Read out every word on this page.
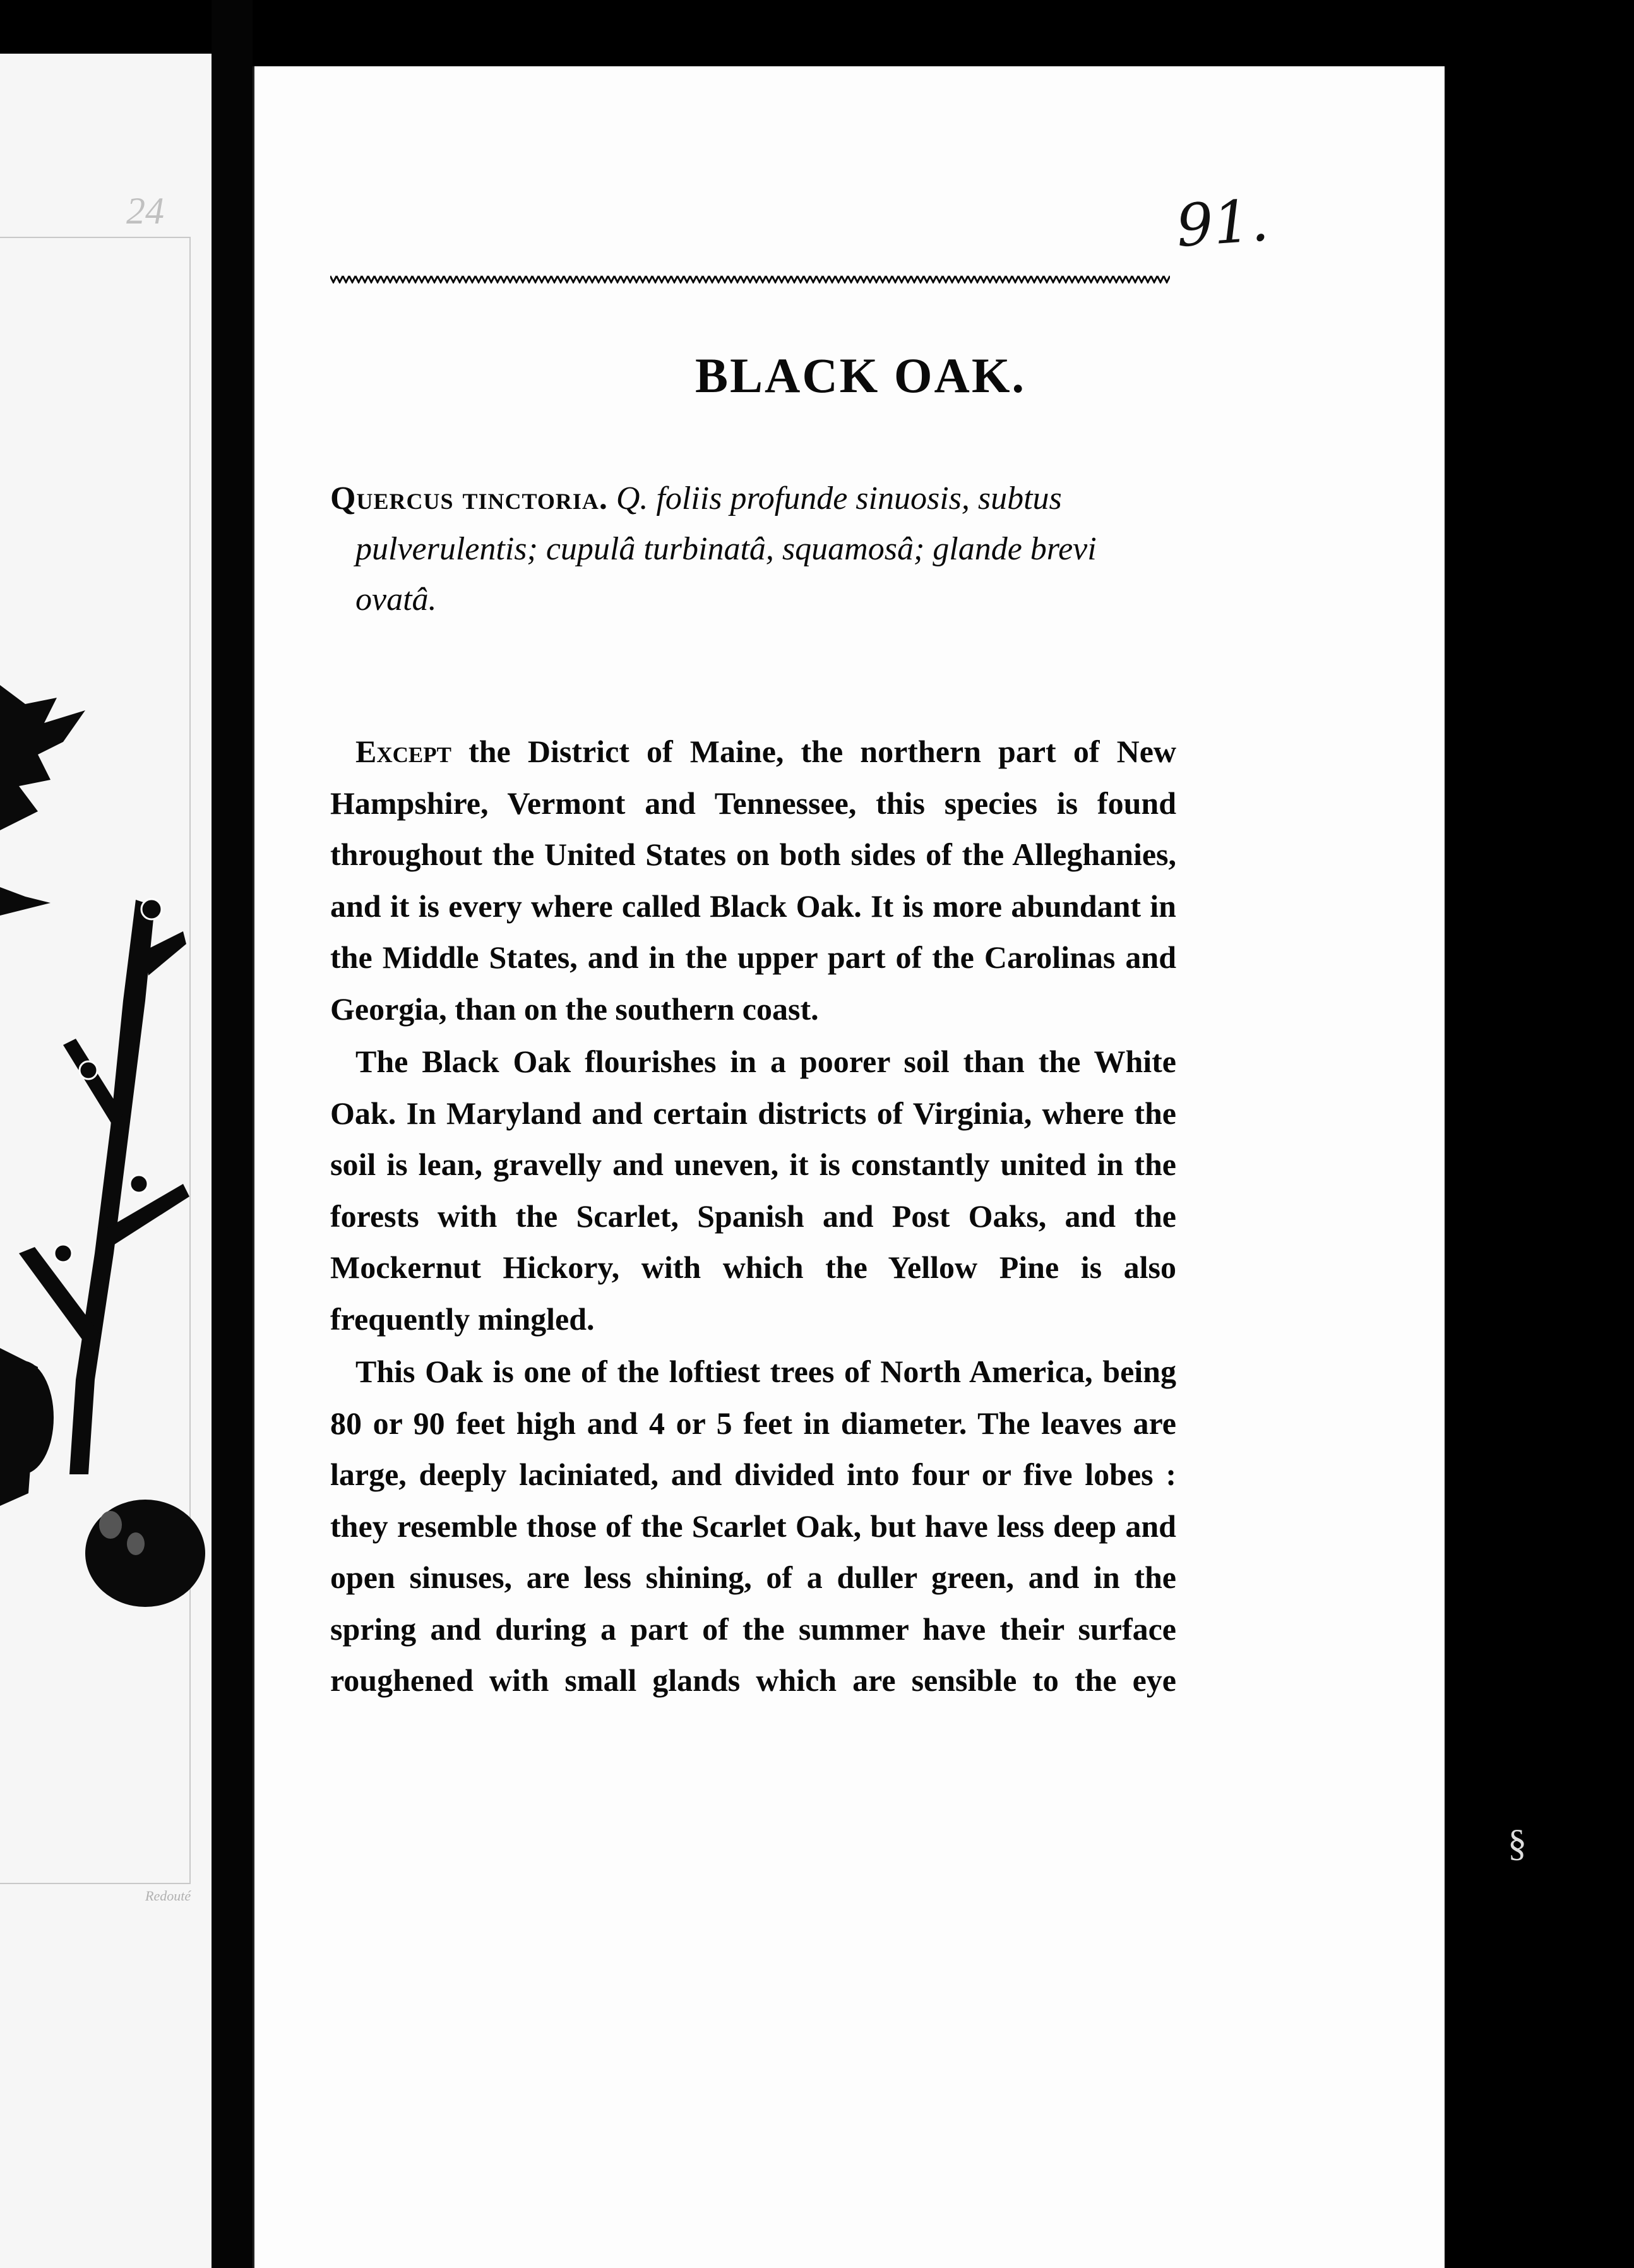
24
Redouté
91.
BLACK OAK.
Quercus tinctoria. Q. foliis profunde sinuosis, subtus
pulverulentis; cupulâ turbinatâ, squamosâ; glande brevi
ovatâ.

Except the District of Maine, the northern part of New Hampshire, Vermont and Tennessee, this species is found throughout the United States on both sides of the Alleghanies, and it is every where called Black Oak. It is more abundant in the Middle States, and in the upper part of the Carolinas and Georgia, than on the southern coast.

The Black Oak flourishes in a poorer soil than the White Oak. In Maryland and certain districts of Virginia, where the soil is lean, gravelly and uneven, it is constantly united in the forests with the Scarlet, Spanish and Post Oaks, and the Mockernut Hickory, with which the Yellow Pine is also frequently mingled.

This Oak is one of the loftiest trees of North America, being 80 or 90 feet high and 4 or 5 feet in diameter. The leaves are large, deeply laciniated, and divided into four or five lobes : they resemble those of the Scarlet Oak, but have less deep and open sinuses, are less shining, of a duller green, and in the spring and during a part of the summer have their surface roughened with small glands which are sensible to the eye

§
